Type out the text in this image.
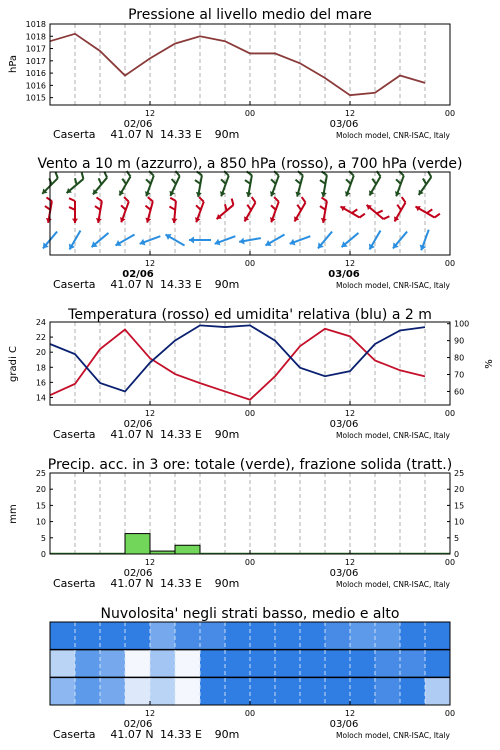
Pressione al livello medio del mare
1016
1017
1018
1015
1016
1017
1018
hPa
Vento a 10 m (azzurro), a 850 hPa (rosso), a 700 hPa (verde)
Temperatura (rosso) ed umidita' relativa (blu) a 2 m
14
16
18
20
22
24
60
70
80
90
100
gradi C	%
Precip. acc. in 3 ore: totale (verde), frazione solida (tratt.)
0
5
10
15
20
25
0
5
10
15
20
25
mm
Nuvolosita' negli strati basso, medio e alto
12	00	12	00
02/06	03/06
Caserta 41.07 N 14.33 E 90m	Moloch model, CNR-ISAC, Italy
12	00	12	00
02/06	03/06
Caserta 41.07 N 14.33 E 90m	Moloch model, CNR-ISAC, Italy
12	00	12	00
02/06	03/06
Caserta 41.07 N 14.33 E 90m	Moloch model, CNR-ISAC, Italy
12	00	12	00
02/06	03/06
Caserta 41.07 N 14.33 E 90m	Moloch model, CNR-ISAC, Italy
12	00	12	00
02/06	03/06
Caserta 41.07 N 14.33 E 90m	Moloch model, CNR-ISAC, Italy
